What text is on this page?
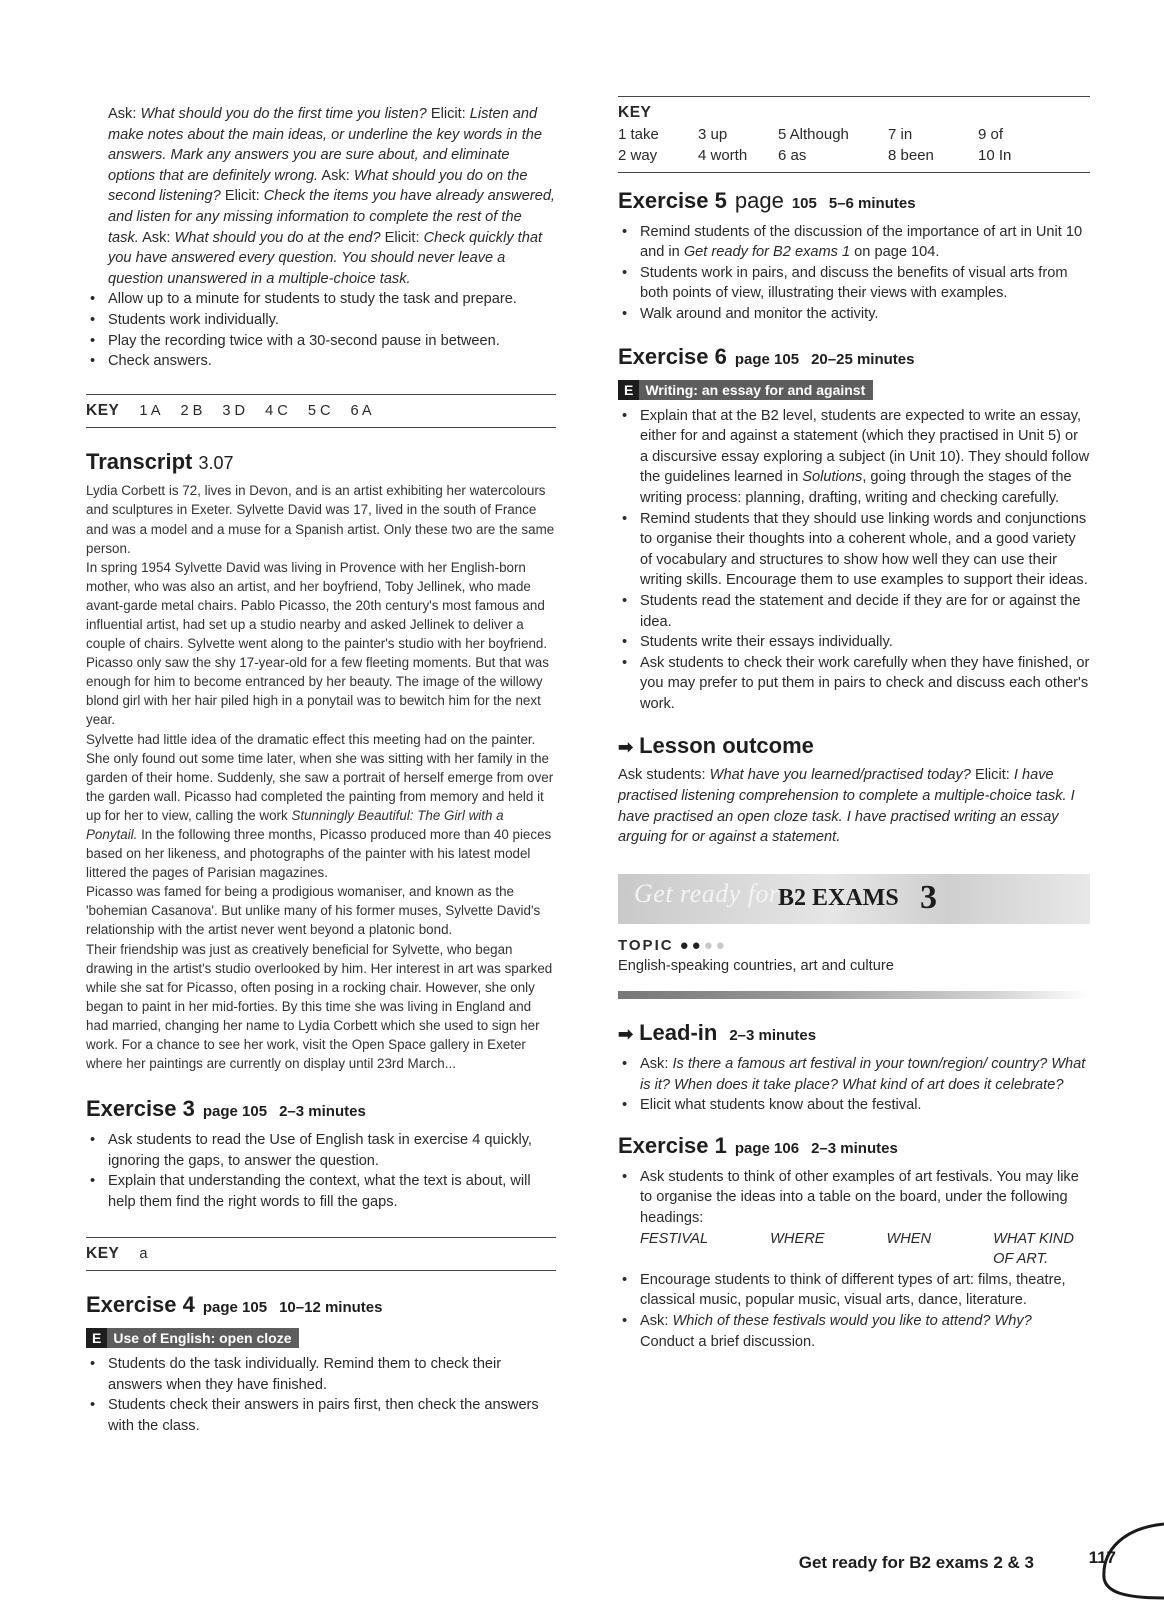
Ask: What should you do the first time you listen? Elicit: Listen and make notes about the main ideas, or underline the key words in the answers. Mark any answers you are sure about, and eliminate options that are definitely wrong. Ask: What should you do on the second listening? Elicit: Check the items you have already answered, and listen for any missing information to complete the rest of the task. Ask: What should you do at the end? Elicit: Check quickly that you have answered every question. You should never leave a question unanswered in a multiple-choice task.

• Allow up to a minute for students to study the task and prepare.
• Students work individually.
• Play the recording twice with a 30-second pause in between.
• Check answers.
KEY 1 A 2 B 3 D 4 C 5 C 6 A
Transcript 3.07

Lydia Corbett is 72, lives in Devon, and is an artist exhibiting her watercolours and sculptures in Exeter. Sylvette David was 17, lived in the south of France and was a model and a muse for a Spanish artist. Only these two are the same person.

In spring 1954 Sylvette David was living in Provence with her English-born mother, who was also an artist, and her boyfriend, Toby Jellinek, who made avant-garde metal chairs. Pablo Picasso, the 20th century's most famous and influential artist, had set up a studio nearby and asked Jellinek to deliver a couple of chairs. Sylvette went along to the painter's studio with her boyfriend. Picasso only saw the shy 17-year-old for a few fleeting moments. But that was enough for him to become entranced by her beauty. The image of the willowy blond girl with her hair piled high in a ponytail was to bewitch him for the next year.

Sylvette had little idea of the dramatic effect this meeting had on the painter. She only found out some time later, when she was sitting with her family in the garden of their home. Suddenly, she saw a portrait of herself emerge from over the garden wall. Picasso had completed the painting from memory and held it up for her to view, calling the work Stunningly Beautiful: The Girl with a Ponytail. In the following three months, Picasso produced more than 40 pieces based on her likeness, and photographs of the painter with his latest model littered the pages of Parisian magazines.

Picasso was famed for being a prodigious womaniser, and known as the 'bohemian Casanova'. But unlike many of his former muses, Sylvette David's relationship with the artist never went beyond a platonic bond.

Their friendship was just as creatively beneficial for Sylvette, who began drawing in the artist's studio overlooked by him. Her interest in art was sparked while she sat for Picasso, often posing in a rocking chair. However, she only began to paint in her mid-forties. By this time she was living in England and had married, changing her name to Lydia Corbett which she used to sign her work. For a chance to see her work, visit the Open Space gallery in Exeter where her paintings are currently on display until 23rd March...

Exercise 3 page 105 2–3 minutes
• Ask students to read the Use of English task in exercise 4 quickly, ignoring the gaps, to answer the question.
• Explain that understanding the context, what the text is about, will help them find the right words to fill the gaps.
KEY a
Exercise 4 page 105 10–12 minutes
E Use of English: open cloze
• Students do the task individually. Remind them to check their answers when they have finished.
• Students check their answers in pairs first, then check the answers with the class.
KEY
1 take	3 up	5 Although	7 in	9 of
2 way	4 worth	6 as	8 been	10 In
Exercise 5 page 105 5–6 minutes
• Remind students of the discussion of the importance of art in Unit 10 and in Get ready for B2 exams 1 on page 104.
• Students work in pairs, and discuss the benefits of visual arts from both points of view, illustrating their views with examples.
• Walk around and monitor the activity.
Exercise 6 page 105 20–25 minutes
E Writing: an essay for and against
• Explain that at the B2 level, students are expected to write an essay, either for and against a statement (which they practised in Unit 5) or a discursive essay exploring a subject (in Unit 10). They should follow the guidelines learned in Solutions, going through the stages of the writing process: planning, drafting, writing and checking carefully.
• Remind students that they should use linking words and conjunctions to organise their thoughts into a coherent whole, and a good variety of vocabulary and structures to show how well they can use their writing skills. Encourage them to use examples to support their ideas.
• Students read the statement and decide if they are for or against the idea.
• Students write their essays individually.
• Ask students to check their work carefully when they have finished, or you may prefer to put them in pairs to check and discuss each other's work.
➡ Lesson outcome

Ask students: What have you learned/practised today? Elicit: I have practised listening comprehension to complete a multiple-choice task. I have practised an open cloze task. I have practised writing an essay arguing for or against a statement.

Get ready for
B2 EXAMS 3
TOPIC ●●●●
English-speaking countries, art and culture
➡ Lead-in 2–3 minutes
• Ask: Is there a famous art festival in your town/region/ country? What is it? When does it take place? What kind of art does it celebrate?
• Elicit what students know about the festival.
Exercise 1 page 106 2–3 minutes
• Ask students to think of other examples of art festivals. You may like to organise the ideas into a table on the board, under the following headings:
FESTIVAL	WHERE	WHEN	WHAT KIND OF ART.
• Encourage students to think of different types of art: films, theatre, classical music, popular music, visual arts, dance, literature.
• Ask: Which of these festivals would you like to attend? Why? Conduct a brief discussion.
Get ready for B2 exams 2 & 3	117
